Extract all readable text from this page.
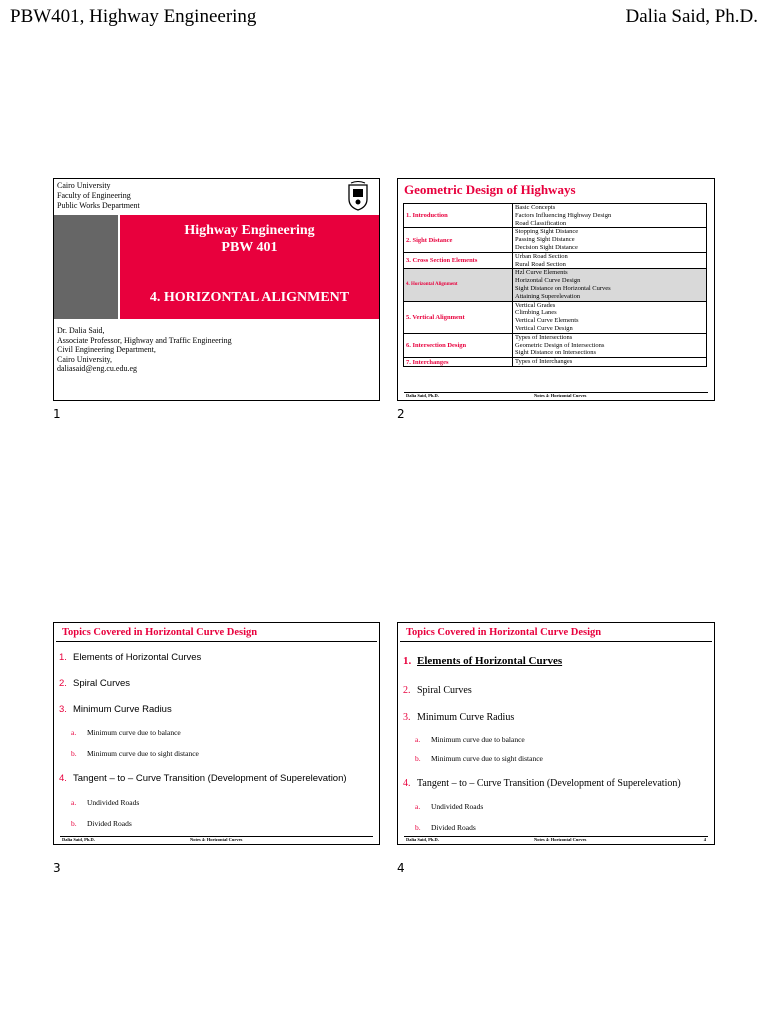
PBW401, Highway Engineering	Dalia Said, Ph.D.
Cairo University
Faculty of Engineering
Public Works Department
Highway Engineering
PBW 401
4. HORIZONTAL ALIGNMENT
Dr. Dalia Said,
Associate Professor, Highway and Traffic Engineering
Civil Engineering Department,
Cairo University,
daliasaid@eng.cu.edu.eg
1
Geometric Design of Highways
1. Introduction	Basic Concepts
Factors Influencing Highway Design
Road Classification

2. Sight Distance	Stopping Sight Distance
Passing Sight Distance
Decision Sight Distance

3. Cross Section Elements	Urban Road Section
Rural Road Section

4. Horizontal Alignment	Hzl Curve Elements
Horizontal Curve Design
Sight Distance on Horizontal Curves
Attaining Superelevation

5. Vertical Alignment	Vertical Grades
Climbing Lanes
Vertical Curve Elements
Vertical Curve Design

6. Intersection Design	Types of Intersections
Geometric Design of Intersections
Sight Distance on Intersections

7. Interchanges	Types of Interchanges
Dalia Said, Ph.D.	Notes 4: Horizontal Curves
2
Topics Covered in Horizontal Curve Design
1. Elements of Horizontal Curves
2. Spiral Curves
3. Minimum Curve Radius
a. Minimum curve due to balance
b. Minimum curve due to sight distance
4. Tangent – to – Curve Transition (Development of Superelevation)
a. Undivided Roads
b. Divided Roads
Dalia Said, Ph.D.	Notes 4: Horizontal Curves
3
Topics Covered in Horizontal Curve Design
1. Elements of Horizontal Curves
2. Spiral Curves
3. Minimum Curve Radius
a. Minimum curve due to balance
b. Minimum curve due to sight distance
4. Tangent – to – Curve Transition (Development of Superelevation)
a. Undivided Roads
b. Divided Roads
Dalia Said, Ph.D.	Notes 4: Horizontal Curves	4
4
